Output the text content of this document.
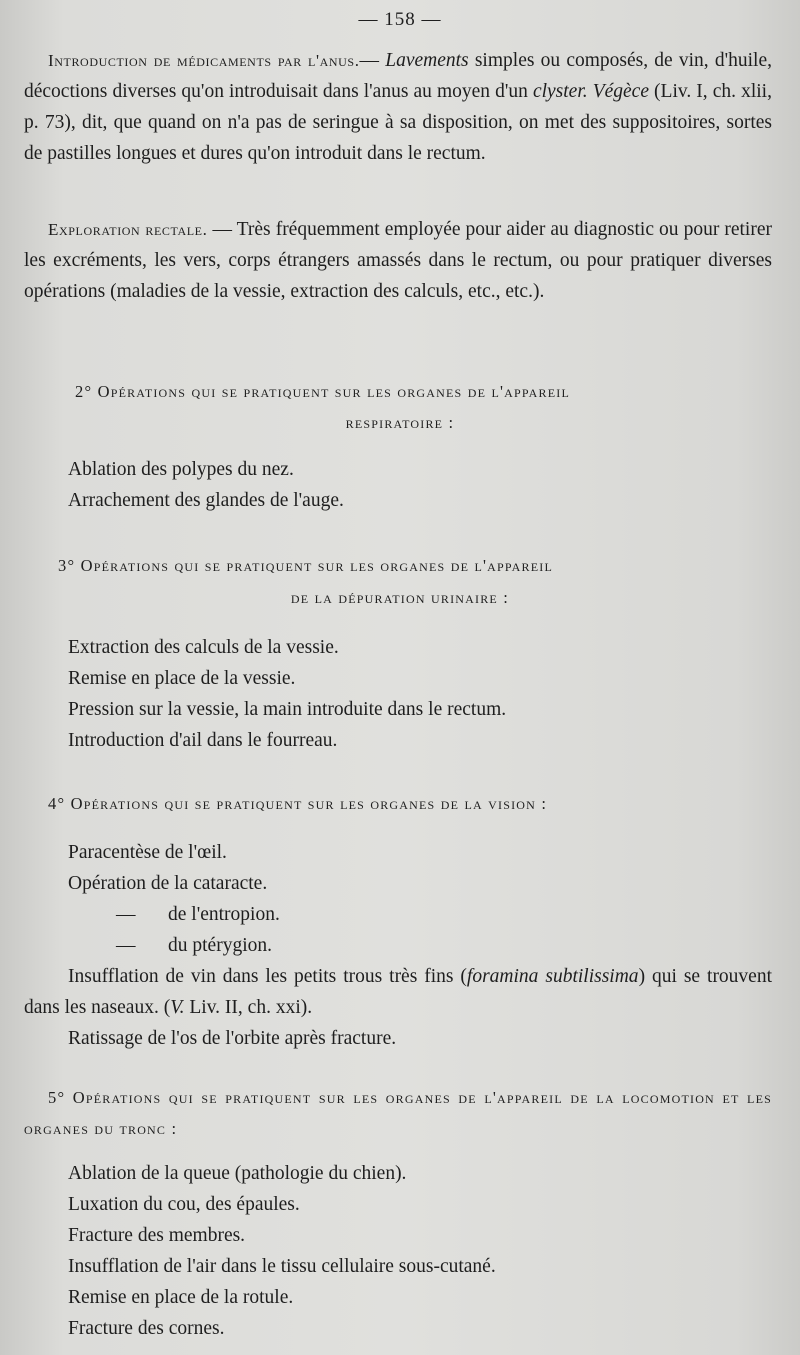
— 158 —

Introduction de médicaments par l'anus.— Lavements simples ou composés, de vin, d'huile, décoctions diverses qu'on introduisait dans l'anus au moyen d'un clyster. Végèce (Liv. I, ch. xlii, p. 73), dit, que quand on n'a pas de seringue à sa disposition, on met des suppositoires, sortes de pastilles longues et dures qu'on introduit dans le rectum.

Exploration rectale. — Très fréquemment employée pour aider au diagnostic ou pour retirer les excréments, les vers, corps étrangers amassés dans le rectum, ou pour pratiquer diverses opérations (maladies de la vessie, extraction des calculs, etc., etc.).

2° Opérations qui se pratiquent sur les organes de l'appareil

respiratoire :

Ablation des polypes du nez.

Arrachement des glandes de l'auge.

3° Opérations qui se pratiquent sur les organes de l'appareil

de la dépuration urinaire :

Extraction des calculs de la vessie.

Remise en place de la vessie.

Pression sur la vessie, la main introduite dans le rectum.

Introduction d'ail dans le fourreau.

4° Opérations qui se pratiquent sur les organes de la vision :

Paracentèse de l'œil.

Opération de la cataracte.

— de l'entropion.

— du ptérygion.

Insufflation de vin dans les petits trous très fins (foramina subtilissima) qui se trouvent dans les naseaux. (V. Liv. II, ch. xxi).

Ratissage de l'os de l'orbite après fracture.

5° Opérations qui se pratiquent sur les organes de l'appareil de la locomotion et les organes du tronc :

Ablation de la queue (pathologie du chien).

Luxation du cou, des épaules.

Fracture des membres.

Insufflation de l'air dans le tissu cellulaire sous-cutané.

Remise en place de la rotule.

Fracture des cornes.
